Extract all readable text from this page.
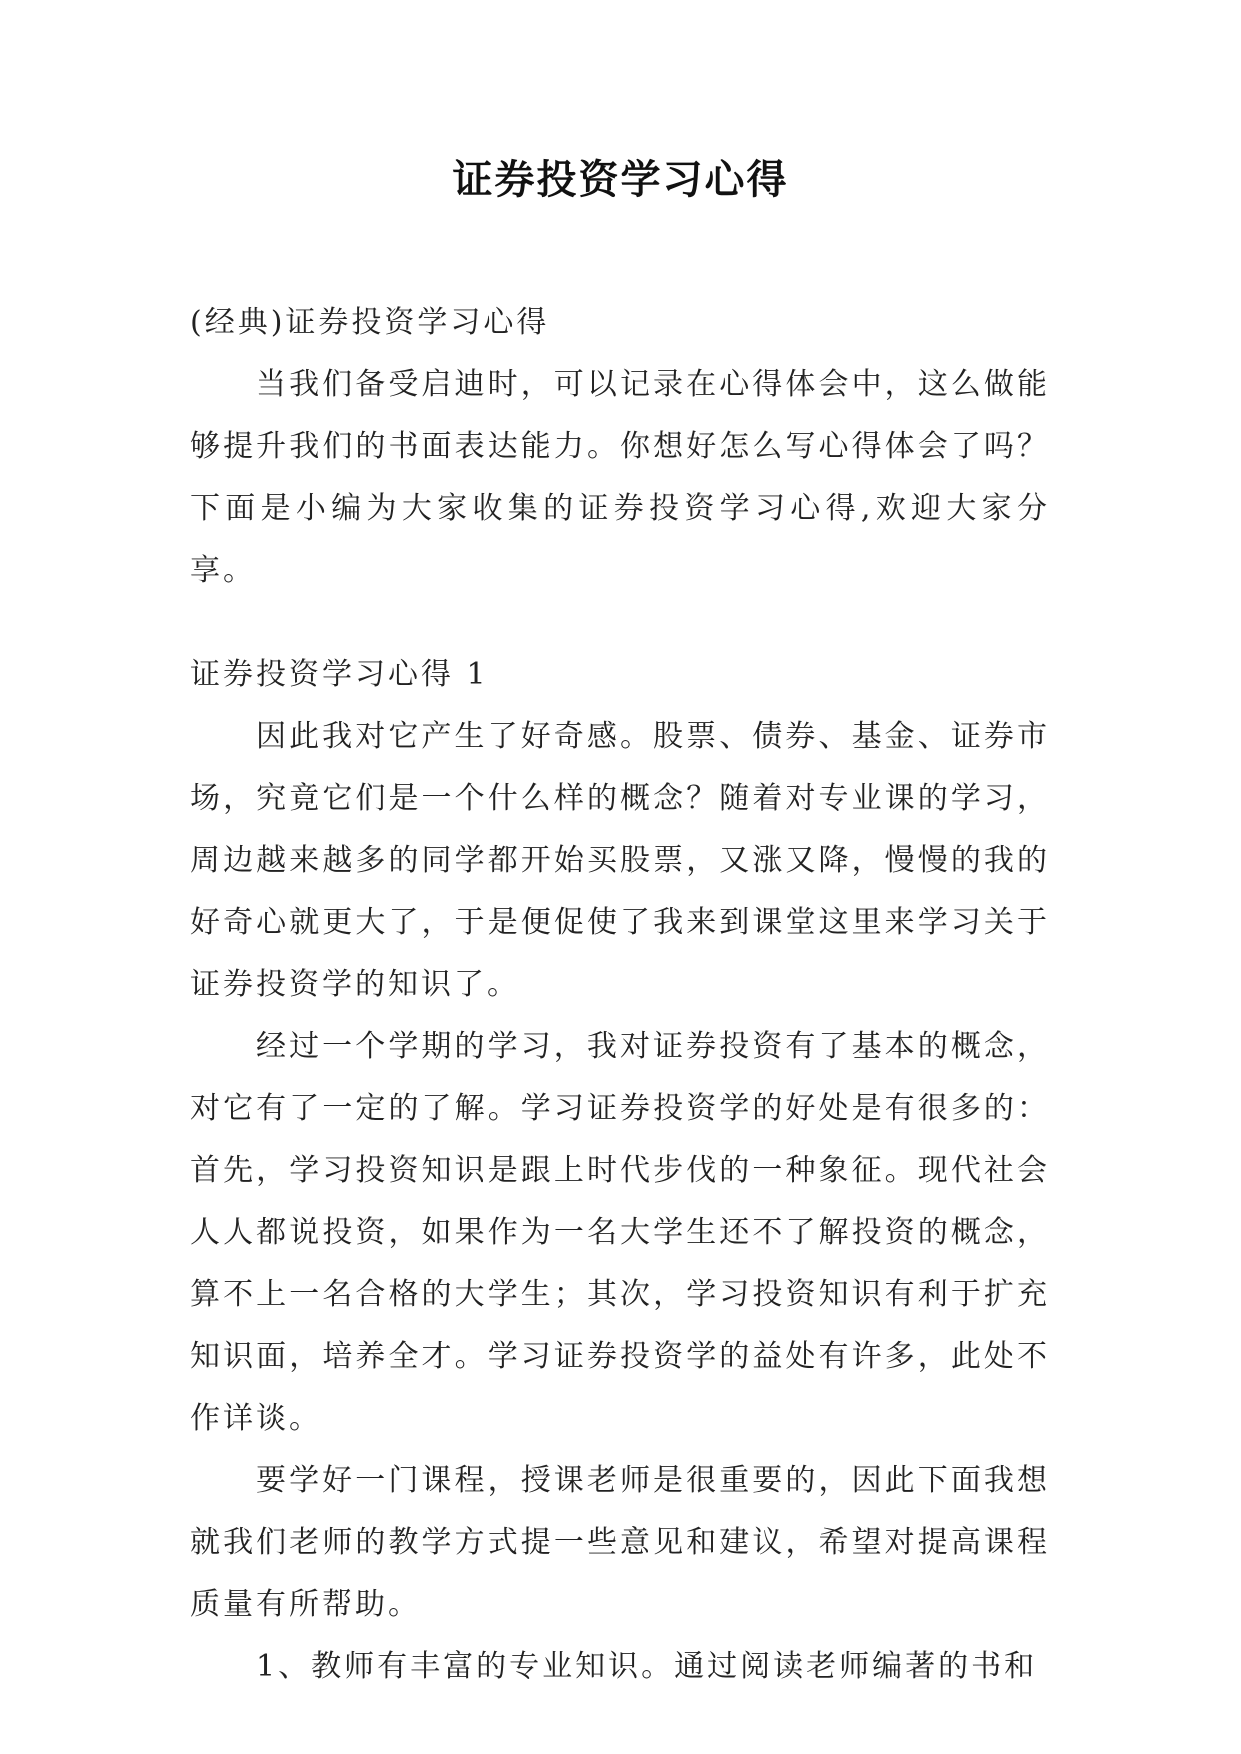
证券投资学习心得

(经典)证券投资学习心得

当我们备受启迪时，可以记录在心得体会中，这么做能够提升我们的书面表达能力。你想好怎么写心得体会了吗？下面是小编为大家收集的证券投资学习心得,欢迎大家分享。

证券投资学习心得 1

因此我对它产生了好奇感。股票、债券、基金、证券市场，究竟它们是一个什么样的概念？随着对专业课的学习，周边越来越多的同学都开始买股票，又涨又降，慢慢的我的好奇心就更大了，于是便促使了我来到课堂这里来学习关于证券投资学的知识了。

经过一个学期的学习，我对证券投资有了基本的概念，对它有了一定的了解。学习证券投资学的好处是有很多的：首先，学习投资知识是跟上时代步伐的一种象征。现代社会人人都说投资，如果作为一名大学生还不了解投资的概念，算不上一名合格的大学生；其次，学习投资知识有利于扩充知识面，培养全才。学习证券投资学的益处有许多，此处不作详谈。

要学好一门课程，授课老师是很重要的，因此下面我想就我们老师的教学方式提一些意见和建议，希望对提高课程质量有所帮助。

1、教师有丰富的专业知识。通过阅读老师编著的书和
